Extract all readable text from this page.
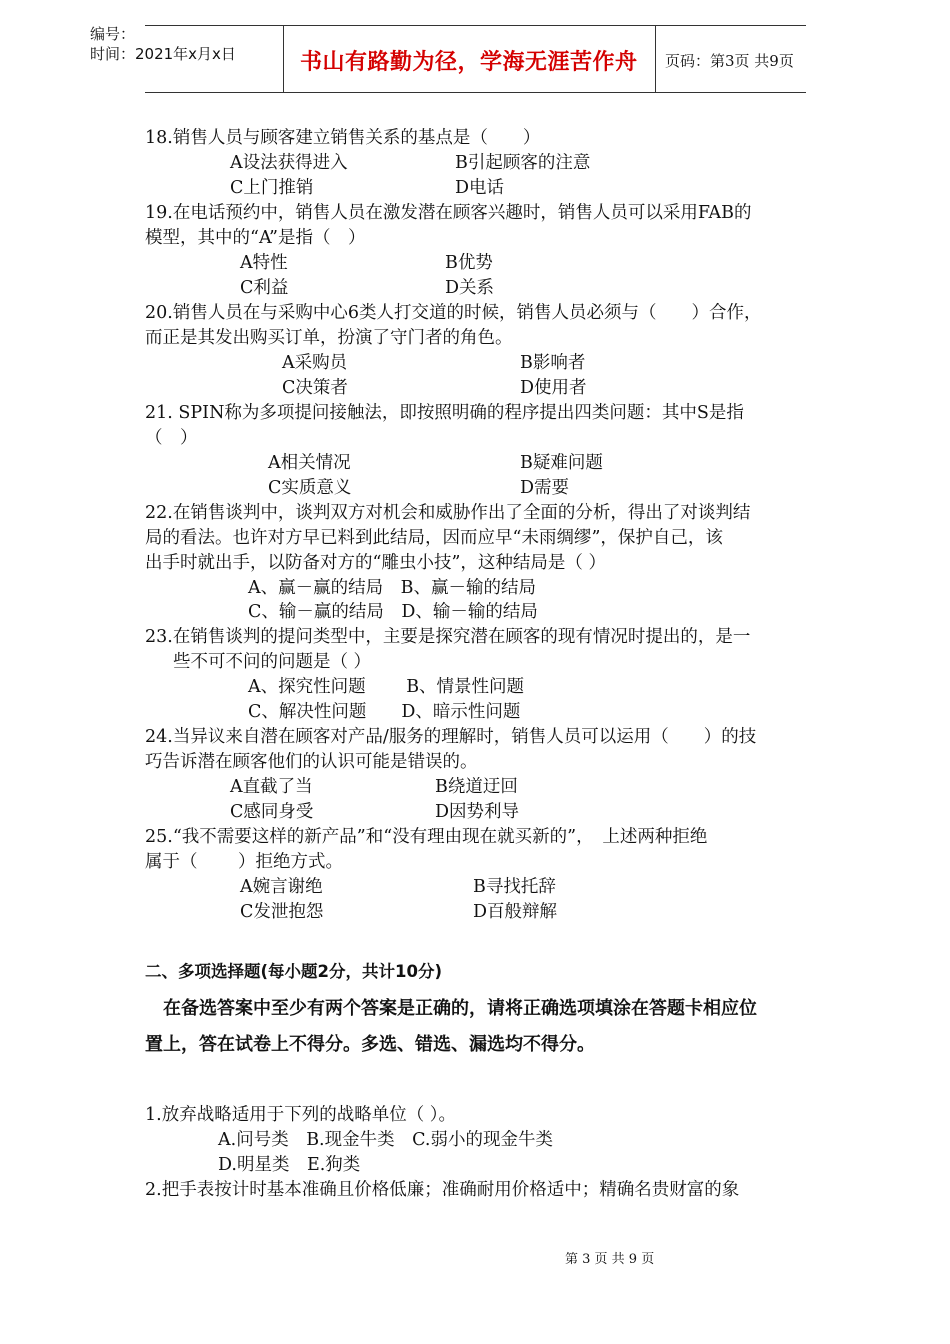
编号：
时间：2021年x月x日	书山有路勤为径，学海无涯苦作舟 页码：第3页 共9页
18.销售人员与顾客建立销售关系的基点是（　　）
A设法获得进入	B引起顾客的注意
C上门推销	D电话
19.在电话预约中，销售人员在激发潜在顾客兴趣时，销售人员可以采用FAB的
模型，其中的“A”是指（　）
A特性	B优势
C利益	D关系
20.销售人员在与采购中心6类人打交道的时候，销售人员必须与（　　）合作，
而正是其发出购买订单，扮演了守门者的角色。
A采购员	B影响者
C决策者	D使用者
21. SPIN称为多项提问接触法，即按照明确的程序提出四类问题：其中S是指
（　）
A相关情况	B疑难问题
C实质意义	D需要
22.在销售谈判中，谈判双方对机会和威胁作出了全面的分析，得出了对谈判结
局的看法。也许对方早已料到此结局，因而应早“未雨绸缪”，保护自己，该
出手时就出手，以防备对方的“雕虫小技”，这种结局是（ ）
A、赢－赢的结局　B、赢－输的结局
C、输－赢的结局　D、输－输的结局
23.在销售谈判的提问类型中，主要是探究潜在顾客的现有情况时提出的，是一
些不可不问的问题是（ ）
A、探究性问题　　 B、情景性问题
C、解决性问题　　D、暗示性问题
24.当异议来自潜在顾客对产品/服务的理解时，销售人员可以运用（　　）的技
巧告诉潜在顾客他们的认识可能是错误的。
A直截了当	B绕道迂回
C感同身受	D因势利导
25.“我不需要这样的新产品”和“没有理由现在就买新的”，　上述两种拒绝
属于（　　 ）拒绝方式。
A婉言谢绝	B寻找托辞
C发泄抱怨	D百般辩解
二、多项选择题(每小题2分，共计10分)
在备选答案中至少有两个答案是正确的，请将正确选项填涂在答题卡相应位
置上，答在试卷上不得分。多选、错选、漏选均不得分。
1.放弃战略适用于下列的战略单位（ ）。
A.问号类　B.现金牛类　C.弱小的现金牛类
D.明星类　E.狗类
2.把手表按计时基本准确且价格低廉；准确耐用价格适中；精确名贵财富的象
第 3 页 共 9 页
